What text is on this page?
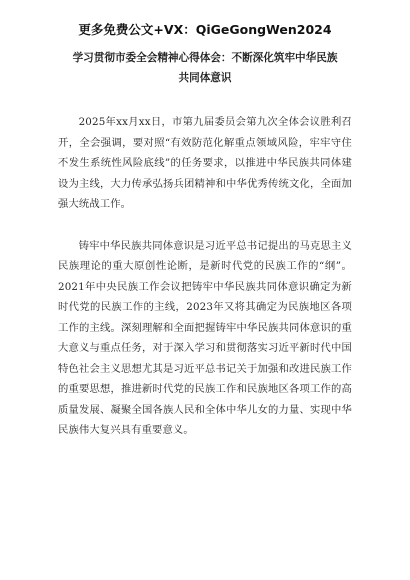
更多免费公文+VX：QiGeGongWen2024
学习贯彻市委全会精神心得体会：不断深化筑牢中华民族
共同体意识

2025年xx月xx日，市第九届委员会第九次全体会议胜利召开，全会强调，要对照“有效防范化解重点领域风险，牢牢守住不发生系统性风险底线”的任务要求，以推进中华民族共同体建设为主线，大力传承弘扬兵团精神和中华优秀传统文化，全面加强大统战工作。

铸牢中华民族共同体意识是习近平总书记提出的马克思主义民族理论的重大原创性论断，是新时代党的民族工作的“纲”。2021年中央民族工作会议把铸牢中华民族共同体意识确定为新时代党的民族工作的主线，2023年又将其确定为民族地区各项工作的主线。深刻理解和全面把握铸牢中华民族共同体意识的重大意义与重点任务，对于深入学习和贯彻落实习近平新时代中国特色社会主义思想尤其是习近平总书记关于加强和改进民族工作的重要思想，推进新时代党的民族工作和民族地区各项工作的高质量发展、凝聚全国各族人民和全体中华儿女的力量、实现中华民族伟大复兴具有重要意义。
